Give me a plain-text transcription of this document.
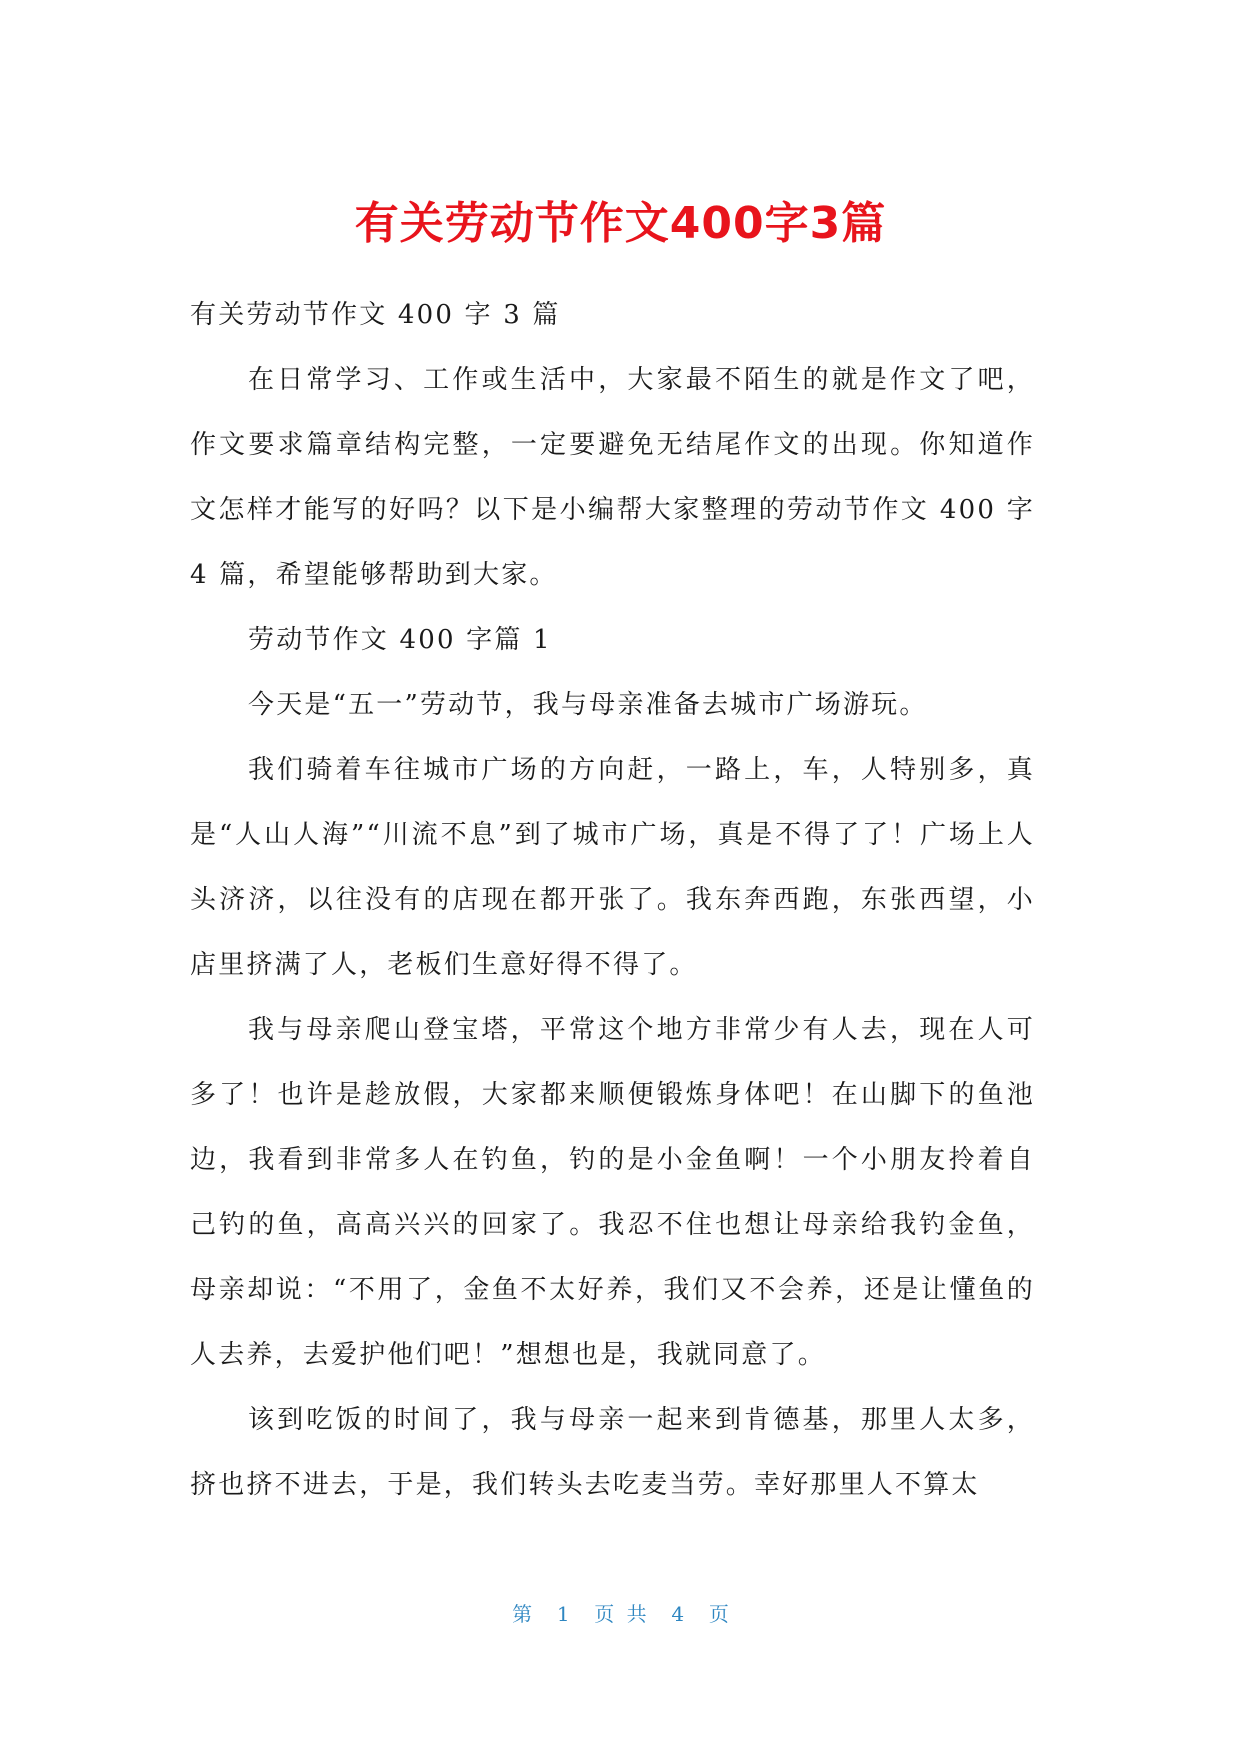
有关劳动节作文400字3篇

有关劳动节作文 400 字 3 篇

在日常学习、工作或生活中，大家最不陌生的就是作文了吧，作文要求篇章结构完整，一定要避免无结尾作文的出现。你知道作文怎样才能写的好吗？以下是小编帮大家整理的劳动节作文 400 字 4 篇，希望能够帮助到大家。

劳动节作文 400 字篇 1

今天是“五一”劳动节，我与母亲准备去城市广场游玩。

我们骑着车往城市广场的方向赶，一路上，车，人特别多，真是“人山人海”“川流不息”到了城市广场，真是不得了了！广场上人头济济，以往没有的店现在都开张了。我东奔西跑，东张西望，小店里挤满了人，老板们生意好得不得了。

我与母亲爬山登宝塔，平常这个地方非常少有人去，现在人可多了！也许是趁放假，大家都来顺便锻炼身体吧！在山脚下的鱼池边，我看到非常多人在钓鱼，钓的是小金鱼啊！一个小朋友拎着自己钓的鱼，高高兴兴的回家了。我忍不住也想让母亲给我钓金鱼，母亲却说：“不用了，金鱼不太好养，我们又不会养，还是让懂鱼的人去养，去爱护他们吧！”想想也是，我就同意了。

该到吃饭的时间了，我与母亲一起来到肯德基，那里人太多，挤也挤不进去，于是，我们转头去吃麦当劳。幸好那里人不算太

第  1  页 共  4  页
